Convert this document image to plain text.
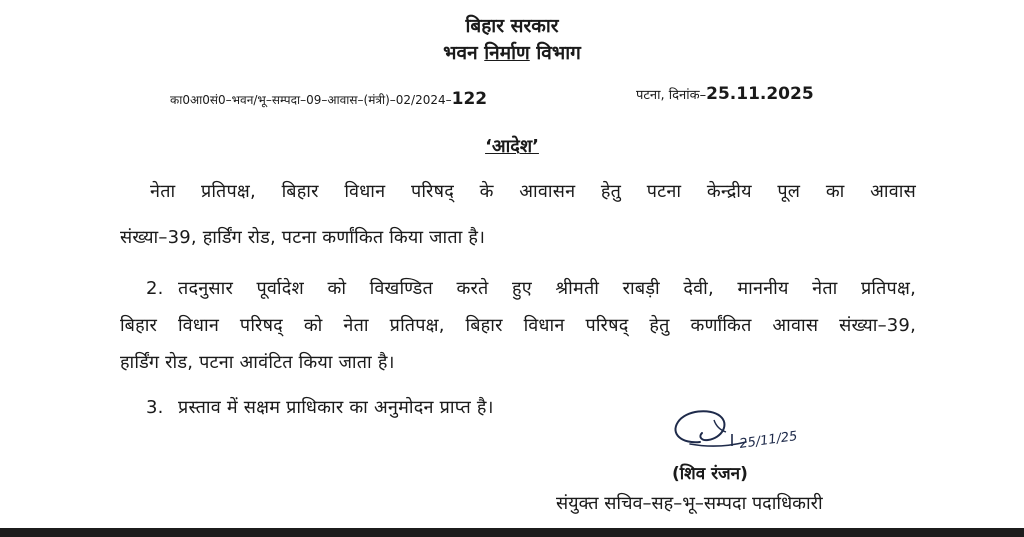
बिहार सरकार
भवन निर्माण विभाग
का0आ0सं0–भवन/भू–सम्पदा–09–आवास–(मंत्री)–02/2024–122	पटना, दिनांक–25.11.2025
‘आदेश’
नेता प्रतिपक्ष, बिहार विधान परिषद् के आवासन हेतु पटना केन्द्रीय पूल का आवास
संख्या–39, हार्डिंग रोड, पटना कर्णांकित किया जाता है।
2. तदनुसार पूर्वादेश को विखण्डित करते हुए श्रीमती राबड़ी देवी, माननीय नेता प्रतिपक्ष,
बिहार विधान परिषद् को नेता प्रतिपक्ष, बिहार विधान परिषद् हेतु कर्णांकित आवास संख्या–39,
हार्डिंग रोड, पटना आवंटित किया जाता है।
3. प्रस्ताव में सक्षम प्राधिकार का अनुमोदन प्राप्त है।
25/11/25
(शिव रंजन)
संयुक्त सचिव–सह–भू–सम्पदा पदाधिकारी
